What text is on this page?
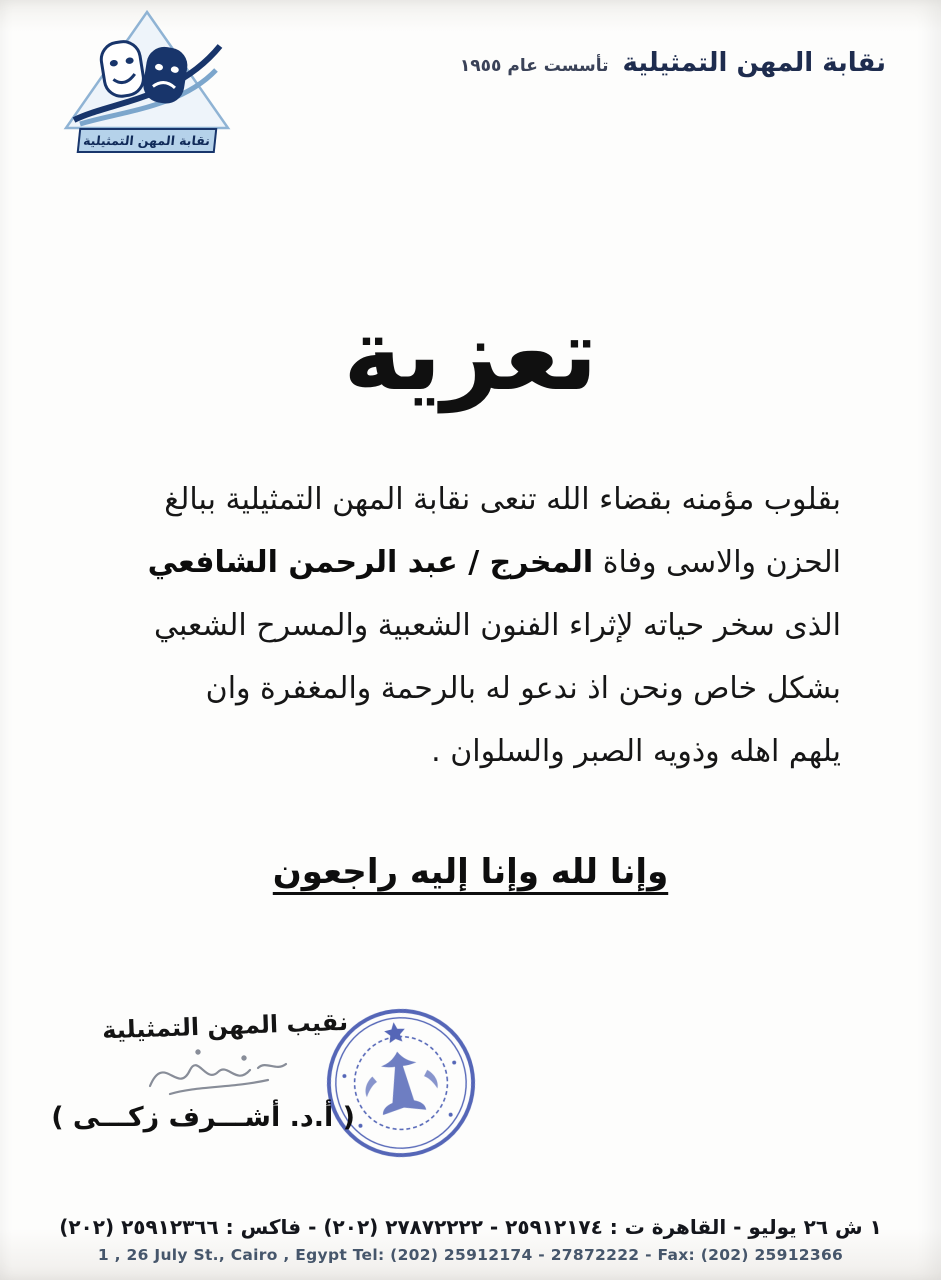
نقابة المهن التمثيلية
تأسست عام ١٩٥٥
نقابة المهن التمثيلية
تعزية

بقلوب مؤمنه بقضاء الله تنعى نقابة المهن التمثيلية ببالغ

الحزن والاسى وفاة المخرج / عبد الرحمن الشافعي

الذى سخر حياته لإثراء الفنون الشعبية والمسرح الشعبي

بشكل خاص ونحن اذ ندعو له بالرحمة والمغفرة وان

يلهم اهله وذويه الصبر والسلوان .

وإنا لله وإنا إليه راجعون

نقيب المهن التمثيلية
( أ.د. أشـــرف زكـــى )
١ ش ٢٦ يوليو - القاهرة ت : ٢٥٩١٢١٧٤ - ٢٧٨٧٢٢٢٢ (٢٠٢) - فاكس : ٢٥٩١٢٣٦٦ (٢٠٢)
1 , 26 July St., Cairo , Egypt Tel: (202) 25912174 - 27872222 - Fax: (202) 25912366
